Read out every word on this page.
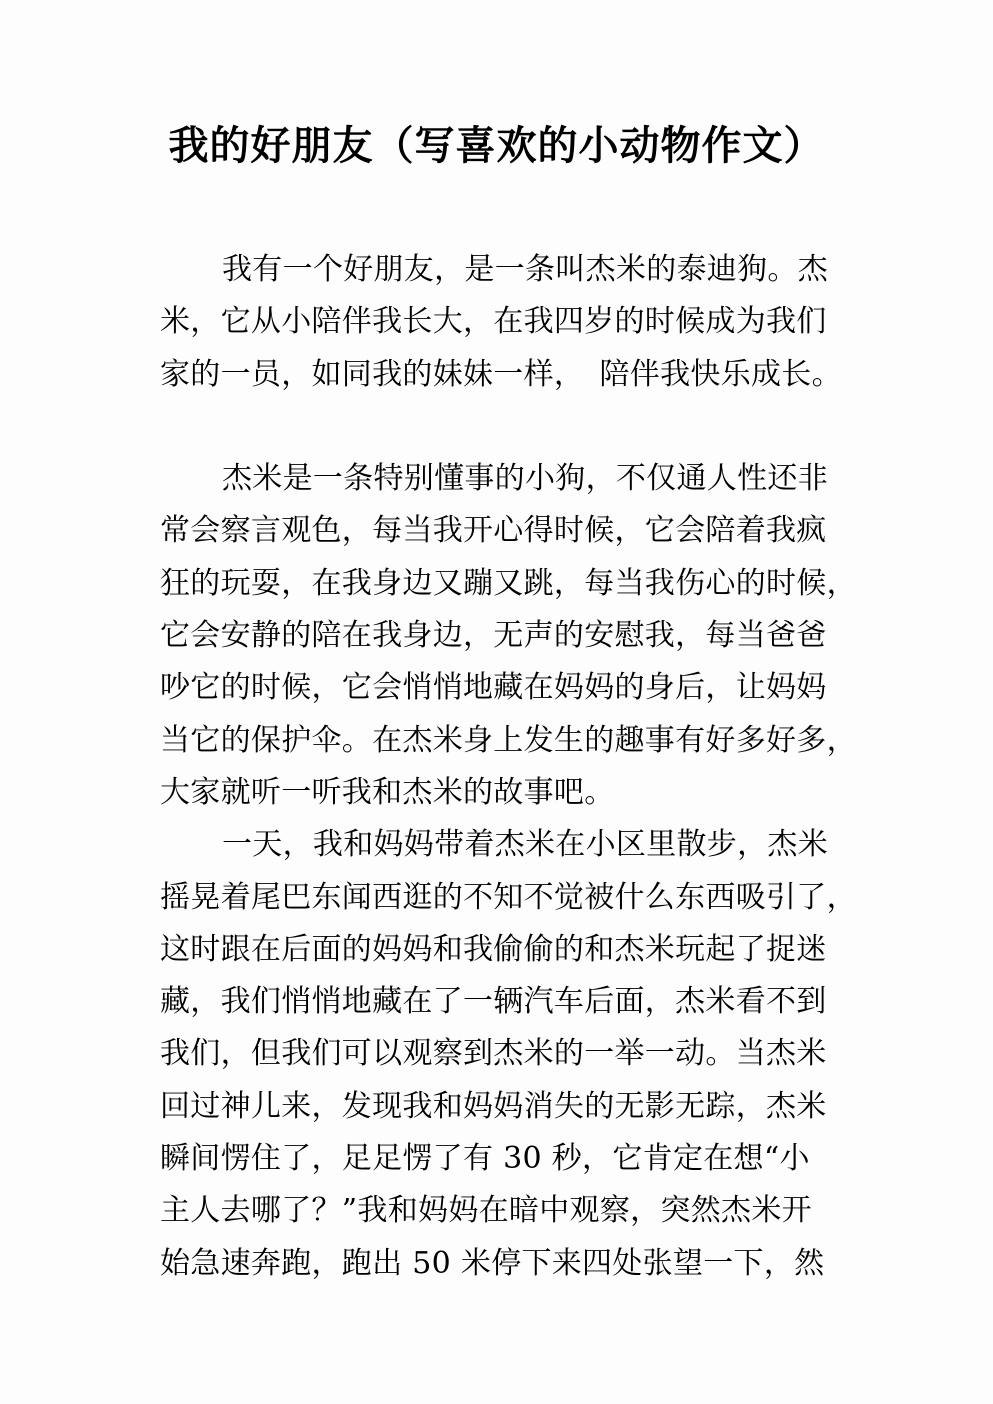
我的好朋友（写喜欢的小动物作文）
我有一个好朋友，是一条叫杰米的泰迪狗。杰
米，它从小陪伴我长大，在我四岁的时候成为我们
家的一员，如同我的妹妹一样，　陪伴我快乐成长。
杰米是一条特别懂事的小狗，不仅通人性还非
常会察言观色，每当我开心得时候，它会陪着我疯
狂的玩耍，在我身边又蹦又跳，每当我伤心的时候，
它会安静的陪在我身边，无声的安慰我，每当爸爸
吵它的时候，它会悄悄地藏在妈妈的身后，让妈妈
当它的保护伞。在杰米身上发生的趣事有好多好多，
大家就听一听我和杰米的故事吧。
一天，我和妈妈带着杰米在小区里散步，杰米
摇晃着尾巴东闻西逛的不知不觉被什么东西吸引了，
这时跟在后面的妈妈和我偷偷的和杰米玩起了捉迷
藏，我们悄悄地藏在了一辆汽车后面，杰米看不到
我们，但我们可以观察到杰米的一举一动。当杰米
回过神儿来，发现我和妈妈消失的无影无踪，杰米
瞬间愣住了，足足愣了有 30 秒，它肯定在想“小
主人去哪了？”我和妈妈在暗中观察，突然杰米开
始急速奔跑，跑出 50 米停下来四处张望一下，然
